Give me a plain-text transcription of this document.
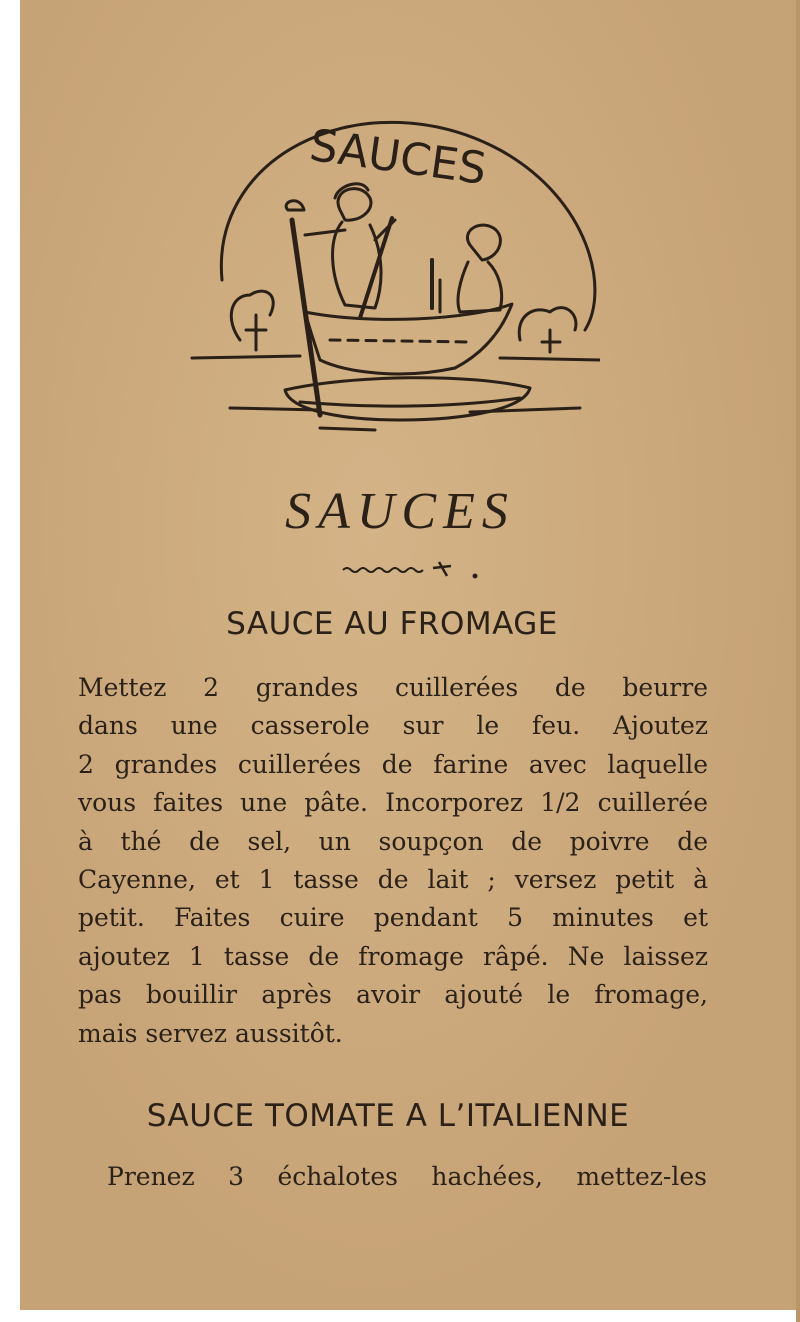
SAUCES
SAUCES
SAUCE AU FROMAGE
Mettez 2 grandes cuillerées de beurre
dans une casserole sur le feu. Ajoutez
2 grandes cuillerées de farine avec laquelle
vous faites une pâte. Incorporez 1/2 cuillerée
à thé de sel, un soupçon de poivre de
Cayenne, et 1 tasse de lait ; versez petit à
petit. Faites cuire pendant 5 minutes et
ajoutez 1 tasse de fromage râpé. Ne laissez
pas bouillir après avoir ajouté le fromage,
mais servez aussitôt.
SAUCE TOMATE A L’ITALIENNE
Prenez 3 échalotes hachées, mettez-les
